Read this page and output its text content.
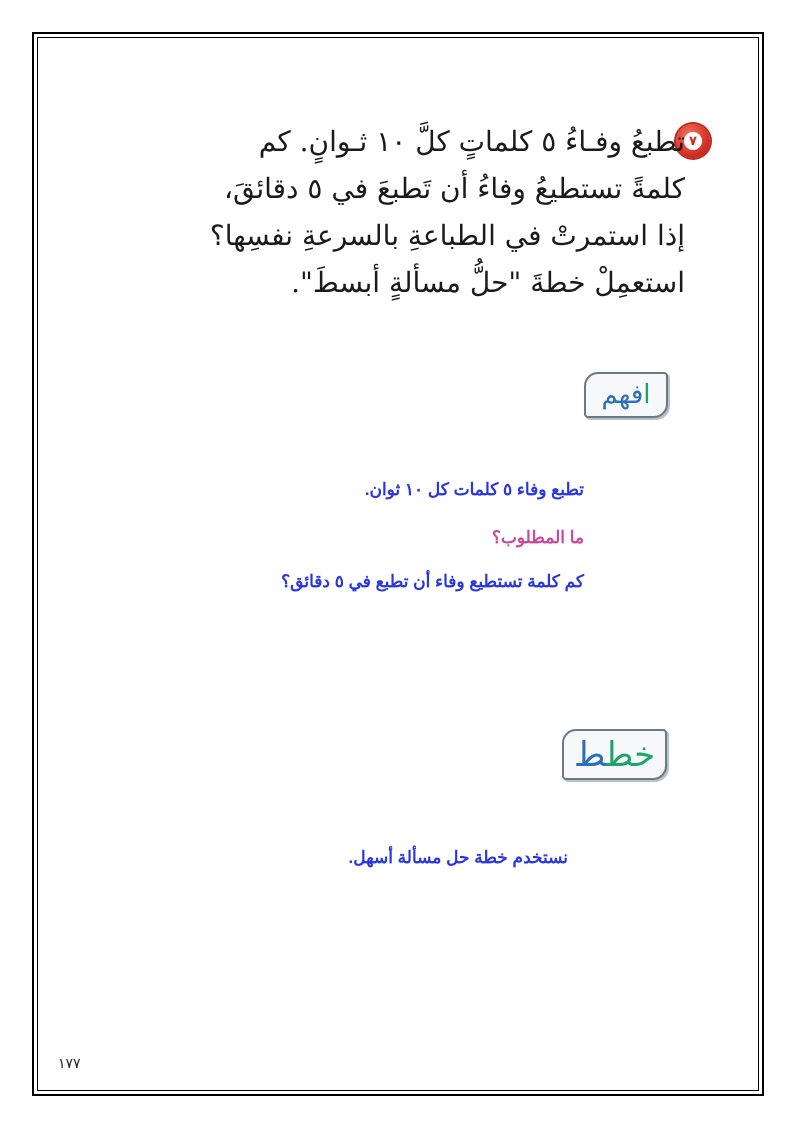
٧
تطبعُ وفـاءُ ٥ كلماتٍ كلَّ ١٠ ثـوانٍ. كم
كلمةً تستطيعُ وفاءُ أن تَطبعَ في ٥ دقائقَ،
إذا استمرتْ في الطباعةِ بالسرعةِ نفسِها؟
استعمِلْ خطةَ "حلُّ مسألةٍ أبسطَ".
افهم
تطبع وفاء ٥ كلمات كل ١٠ ثوان.
ما المطلوب؟
كم كلمة تستطيع وفاء أن تطبع في ٥ دقائق؟
خطط
نستخدم خطة حل مسألة أسهل.
١٧٧
